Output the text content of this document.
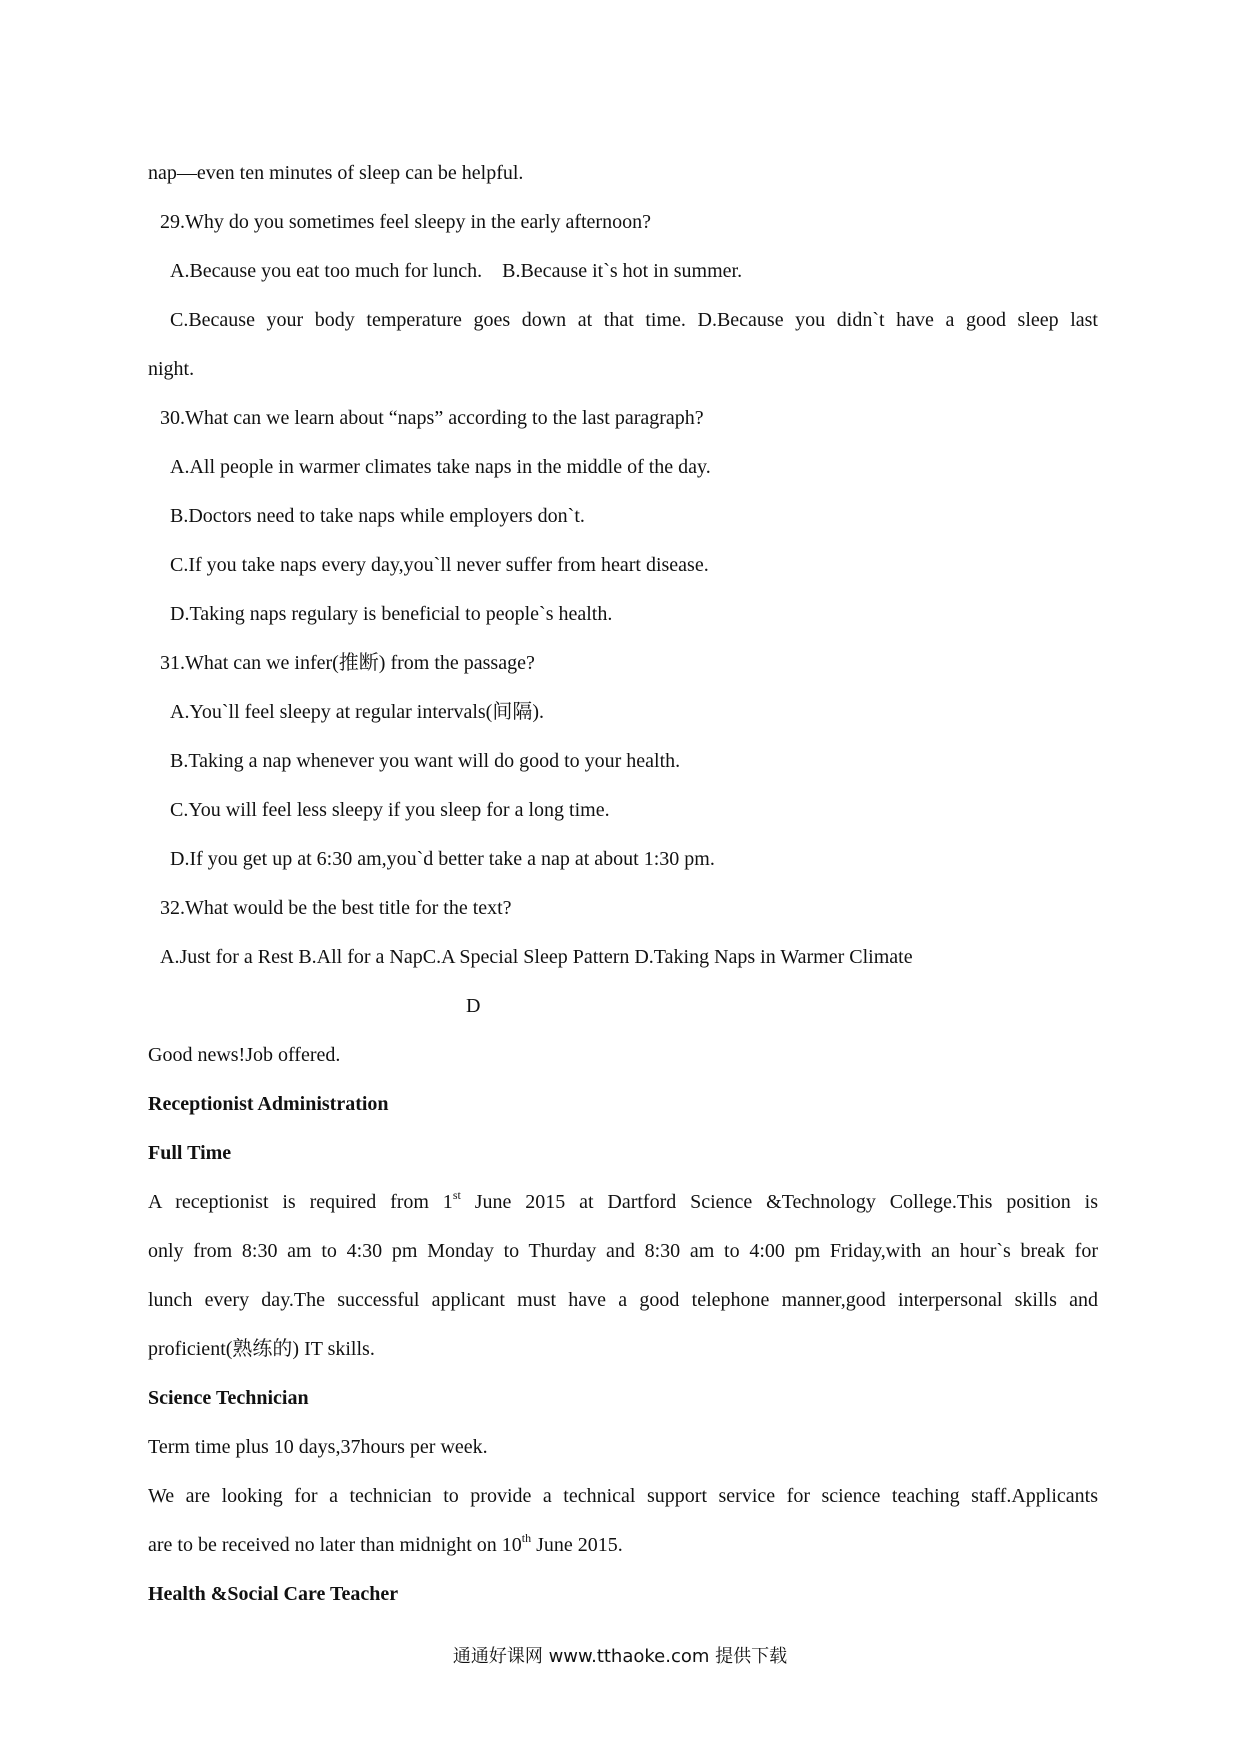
nap—even ten minutes of sleep can be helpful.
29.Why do you sometimes feel sleepy in the early afternoon?
A.Because you eat too much for lunch.    B.Because it`s hot in summer.
C.Because your body temperature goes down at that time. D.Because you didn`t have a good sleep last
night.
30.What can we learn about “naps” according to the last paragraph?
A.All people in warmer climates take naps in the middle of the day.
B.Doctors need to take naps while employers don`t.
C.If you take naps every day,you`ll never suffer from heart disease.
D.Taking naps regulary is beneficial to people`s health.
31.What can we infer(推断) from the passage?
A.You`ll feel sleepy at regular intervals(间隔).
B.Taking a nap whenever you want will do good to your health.
C.You will feel less sleepy if you sleep for a long time.
D.If you get up at 6:30 am,you`d better take a nap at about 1:30 pm.
32.What would be the best title for the text?
A.Just for a Rest B.All for a NapC.A Special Sleep Pattern D.Taking Naps in Warmer Climate
D
Good news!Job offered.
Receptionist Administration
Full Time
A receptionist is required from 1st June 2015 at Dartford Science &Technology College.This position is
only from 8:30 am to 4:30 pm Monday to Thurday and 8:30 am to 4:00 pm Friday,with an hour`s break for
lunch every day.The successful applicant must have a good telephone manner,good interpersonal skills and
proficient(熟练的) IT skills.
Science Technician
Term time plus 10 days,37hours per week.
We are looking for a technician to provide a technical support service for science teaching staff.Applicants
are to be received no later than midnight on 10th June 2015.
Health &Social Care Teacher
通通好课网 www.tthaoke.com 提供下载
